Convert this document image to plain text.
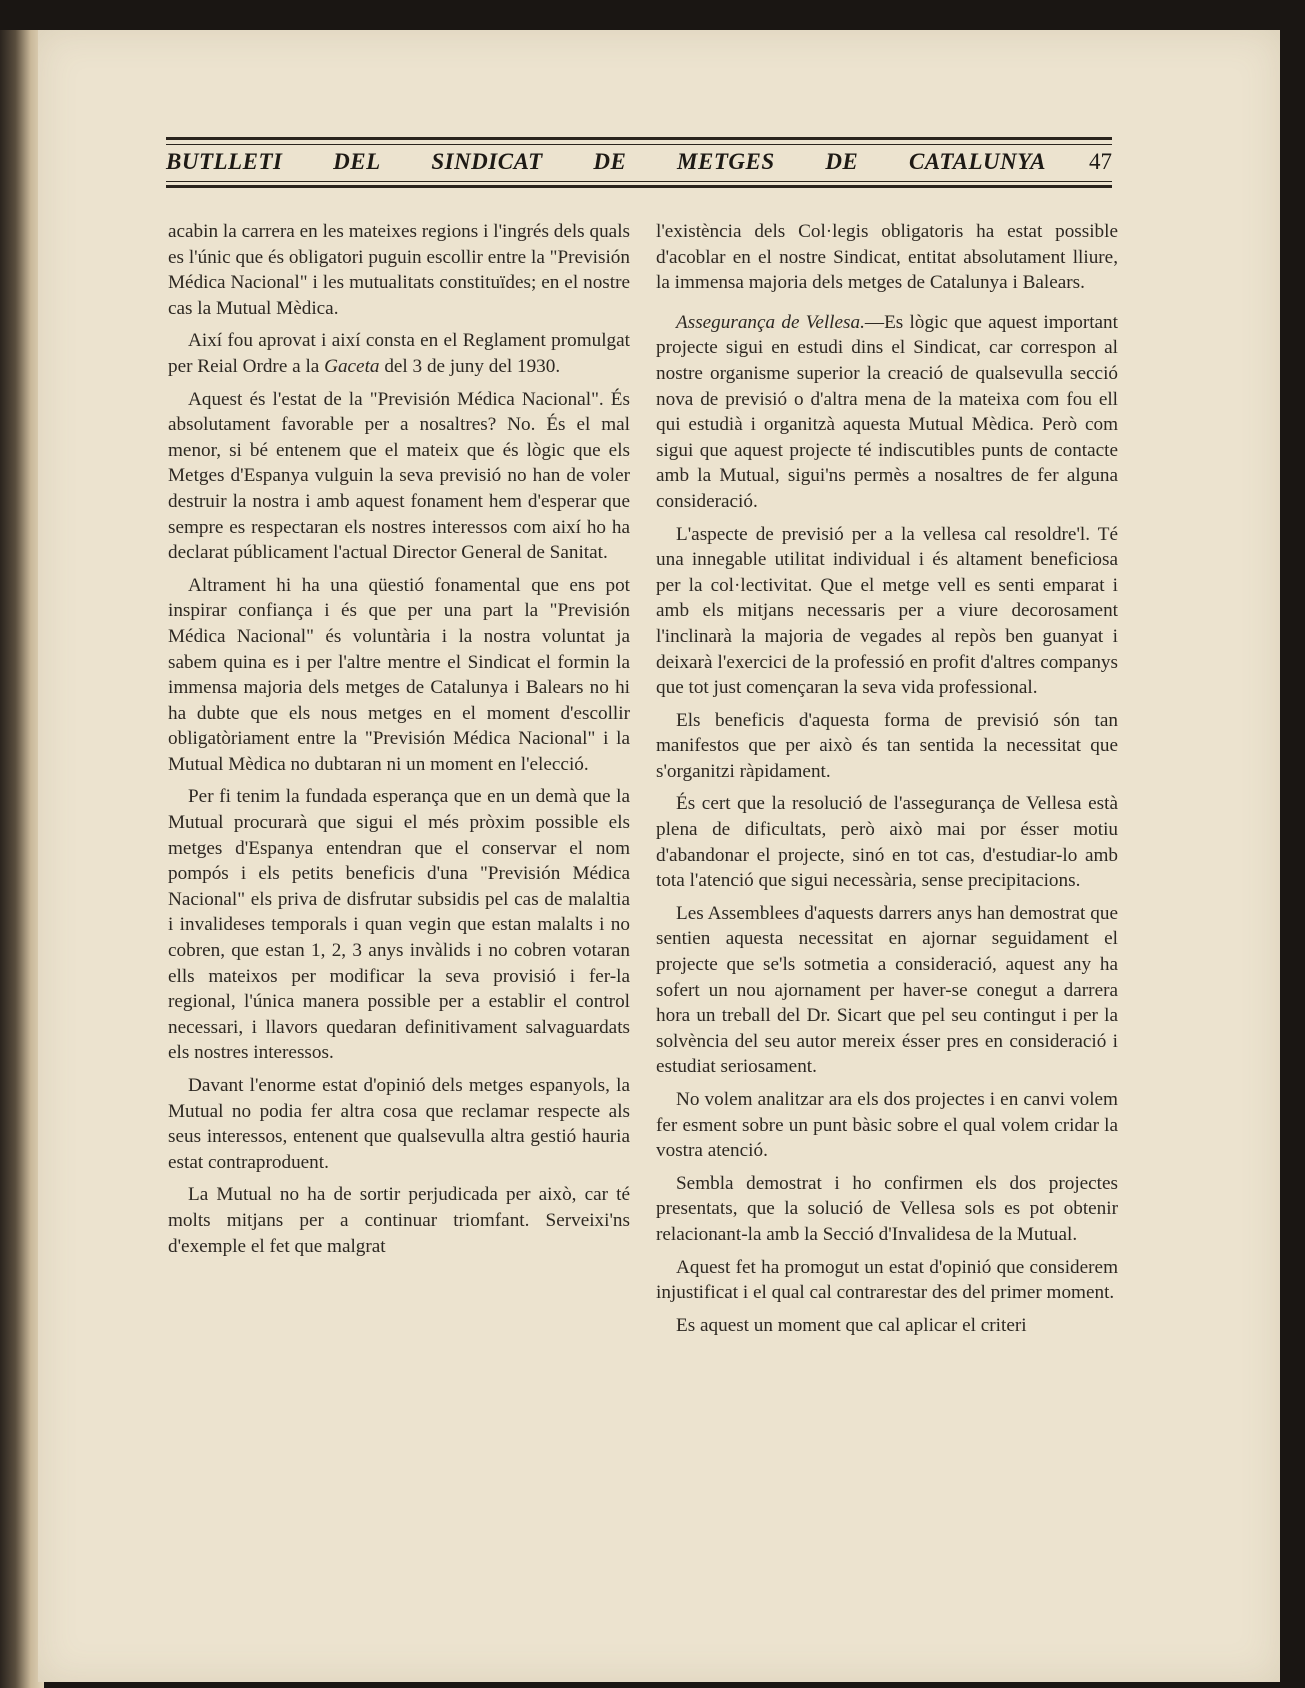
BUTLLETI DEL SINDICAT DE METGES DE CATALUNYA 47

acabin la carrera en les mateixes regions i l'ingrés dels quals es l'únic que és obligatori puguin escollir entre la "Previsión Médica Nacional" i les mutualitats constituïdes; en el nostre cas la Mutual Mèdica.

Així fou aprovat i així consta en el Reglament promulgat per Reial Ordre a la Gaceta del 3 de juny del 1930.

Aquest és l'estat de la "Previsión Médica Nacional". És absolutament favorable per a nosaltres? No. És el mal menor, si bé entenem que el mateix que és lògic que els Metges d'Espanya vulguin la seva previsió no han de voler destruir la nostra i amb aquest fonament hem d'esperar que sempre es respectaran els nostres interessos com així ho ha declarat públicament l'actual Director General de Sanitat.

Altrament hi ha una qüestió fonamental que ens pot inspirar confiança i és que per una part la "Previsión Médica Nacional" és voluntària i la nostra voluntat ja sabem quina es i per l'altre mentre el Sindicat el formin la immensa majoria dels metges de Catalunya i Balears no hi ha dubte que els nous metges en el moment d'escollir obligatòriament entre la "Previsión Médica Nacional" i la Mutual Mèdica no dubtaran ni un moment en l'elecció.

Per fi tenim la fundada esperança que en un demà que la Mutual procurarà que sigui el més pròxim possible els metges d'Espanya entendran que el conservar el nom pompós i els petits beneficis d'una "Previsión Médica Nacional" els priva de disfrutar subsidis pel cas de malaltia i invalideses temporals i quan vegin que estan malalts i no cobren, que estan 1, 2, 3 anys invàlids i no cobren votaran ells mateixos per modificar la seva provisió i fer-la regional, l'única manera possible per a establir el control necessari, i llavors quedaran definitivament salvaguardats els nostres interessos.

Davant l'enorme estat d'opinió dels metges espanyols, la Mutual no podia fer altra cosa que reclamar respecte als seus interessos, entenent que qualsevulla altra gestió hauria estat contraproduent.

La Mutual no ha de sortir perjudicada per això, car té molts mitjans per a continuar triomfant. Serveixi'ns d'exemple el fet que malgrat

l'existència dels Col·legis obligatoris ha estat possible d'acoblar en el nostre Sindicat, entitat absolutament lliure, la immensa majoria dels metges de Catalunya i Balears.

Assegurança de Vellesa.—Es lògic que aquest important projecte sigui en estudi dins el Sindicat, car correspon al nostre organisme superior la creació de qualsevulla secció nova de previsió o d'altra mena de la mateixa com fou ell qui estudià i organitzà aquesta Mutual Mèdica. Però com sigui que aquest projecte té indiscutibles punts de contacte amb la Mutual, sigui'ns permès a nosaltres de fer alguna consideració.

L'aspecte de previsió per a la vellesa cal resoldre'l. Té una innegable utilitat individual i és altament beneficiosa per la col·lectivitat. Que el metge vell es senti emparat i amb els mitjans necessaris per a viure decorosament l'inclinarà la majoria de vegades al repòs ben guanyat i deixarà l'exercici de la professió en profit d'altres companys que tot just començaran la seva vida professional.

Els beneficis d'aquesta forma de previsió són tan manifestos que per això és tan sentida la necessitat que s'organitzi ràpidament.

És cert que la resolució de l'assegurança de Vellesa està plena de dificultats, però això mai por ésser motiu d'abandonar el projecte, sinó en tot cas, d'estudiar-lo amb tota l'atenció que sigui necessària, sense precipitacions.

Les Assemblees d'aquests darrers anys han demostrat que sentien aquesta necessitat en ajornar seguidament el projecte que se'ls sotmetia a consideració, aquest any ha sofert un nou ajornament per haver-se conegut a darrera hora un treball del Dr. Sicart que pel seu contingut i per la solvència del seu autor mereix ésser pres en consideració i estudiat seriosament.

No volem analitzar ara els dos projectes i en canvi volem fer esment sobre un punt bàsic sobre el qual volem cridar la vostra atenció.

Sembla demostrat i ho confirmen els dos projectes presentats, que la solució de Vellesa sols es pot obtenir relacionant-la amb la Secció d'Invalidesa de la Mutual.

Aquest fet ha promogut un estat d'opinió que considerem injustificat i el qual cal contrarestar des del primer moment.

Es aquest un moment que cal aplicar el criteri
